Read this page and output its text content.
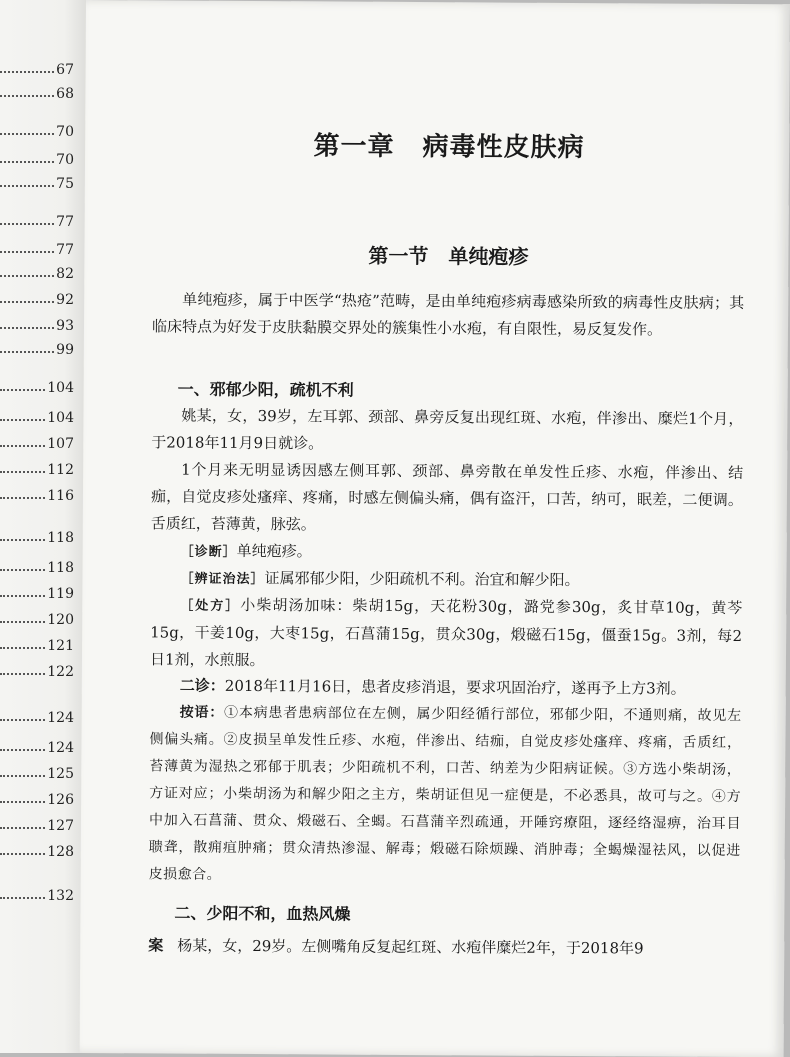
67
68
70
70
75
77
77
82
92
93
99
104
104
107
112
116
118
118
119
120
121
122
124
124
125
126
127
128
132
第一章 病毒性皮肤病
第一节 单纯疱疹

单纯疱疹，属于中医学“热疮”范畴，是由单纯疱疹病毒感染所致的病毒性皮肤病；其临床特点为好发于皮肤黏膜交界处的簇集性小水疱，有自限性，易反复发作。

一、邪郁少阳，疏机不利

姚某，女，39岁，左耳郭、颈部、鼻旁反复出现红斑、水疱，伴渗出、糜烂1个月，于2018年11月9日就诊。

1个月来无明显诱因感左侧耳郭、颈部、鼻旁散在单发性丘疹、水疱，伴渗出、结痂，自觉皮疹处瘙痒、疼痛，时感左侧偏头痛，偶有盗汗，口苦，纳可，眠差，二便调。舌质红，苔薄黄，脉弦。

［诊断］单纯疱疹。

［辨证治法］证属邪郁少阳，少阳疏机不利。治宜和解少阳。

［处方］小柴胡汤加味：柴胡15g，天花粉30g，潞党参30g，炙甘草10g，黄芩15g，干姜10g，大枣15g，石菖蒲15g，贯众30g，煅磁石15g，僵蚕15g。3剂，每2日1剂，水煎服。

二诊：2018年11月16日，患者皮疹消退，要求巩固治疗，遂再予上方3剂。

按语：①本病患者患病部位在左侧，属少阳经循行部位，邪郁少阳，不通则痛，故见左侧偏头痛。②皮损呈单发性丘疹、水疱，伴渗出、结痂，自觉皮疹处瘙痒、疼痛，舌质红，苔薄黄为湿热之邪郁于肌表；少阳疏机不利，口苦、纳差为少阳病证候。③方选小柴胡汤，方证对应；小柴胡汤为和解少阳之主方，柴胡证但见一症便是，不必悉具，故可与之。④方中加入石菖蒲、贯众、煅磁石、全蝎。石菖蒲辛烈疏通，开陲窍療阻，逐经络湿痹，治耳目聩聋，散痈疽肿痛；贯众清热渗湿、解毒；煅磁石除烦躁、消肿毒；全蝎燥湿祛风，以促进皮损愈合。

二、少阳不和，血热风燥

案 杨某，女，29岁。左侧嘴角反复起红斑、水疱伴糜烂2年，于2018年9
